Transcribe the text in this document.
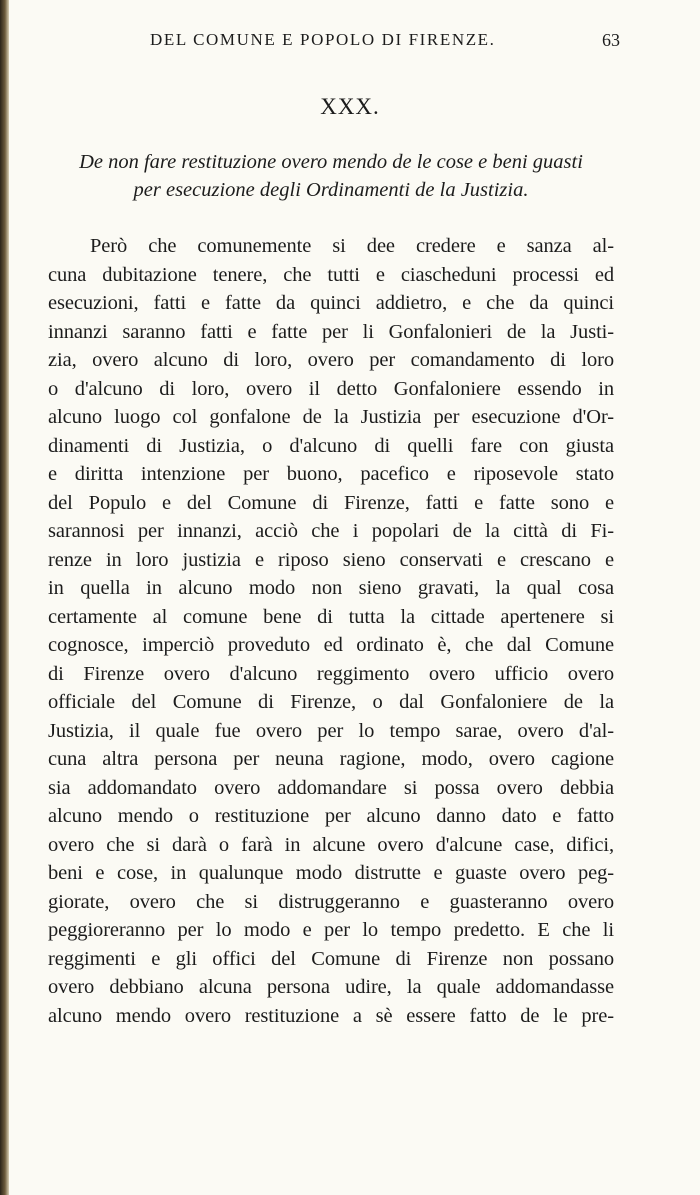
DEL COMUNE E POPOLO DI FIRENZE.	63
XXX.
De non fare restituzione overo mendo de le cose e beni guasti
per esecuzione degli Ordinamenti de la Justizia.
Però che comunemente si dee credere e sanza al-
cuna dubitazione tenere, che tutti e ciascheduni processi ed
esecuzioni, fatti e fatte da quinci addietro, e che da quinci
innanzi saranno fatti e fatte per li Gonfalonieri de la Justi-
zia, overo alcuno di loro, overo per comandamento di loro
o d'alcuno di loro, overo il detto Gonfaloniere essendo in
alcuno luogo col gonfalone de la Justizia per esecuzione d'Or-
dinamenti di Justizia, o d'alcuno di quelli fare con giusta
e diritta intenzione per buono, pacefico e riposevole stato
del Populo e del Comune di Firenze, fatti e fatte sono e
sarannosi per innanzi, acciò che i popolari de la città di Fi-
renze in loro justizia e riposo sieno conservati e crescano e
in quella in alcuno modo non sieno gravati, la qual cosa
certamente al comune bene di tutta la cittade apertenere si
cognosce, imperciò proveduto ed ordinato è, che dal Comune
di Firenze overo d'alcuno reggimento overo ufficio overo
officiale del Comune di Firenze, o dal Gonfaloniere de la
Justizia, il quale fue overo per lo tempo sarae, overo d'al-
cuna altra persona per neuna ragione, modo, overo cagione
sia addomandato overo addomandare si possa overo debbia
alcuno mendo o restituzione per alcuno danno dato e fatto
overo che si darà o farà in alcune overo d'alcune case, difici,
beni e cose, in qualunque modo distrutte e guaste overo peg-
giorate, overo che si distruggeranno e guasteranno overo
peggioreranno per lo modo e per lo tempo predetto. E che li
reggimenti e gli offici del Comune di Firenze non possano
overo debbiano alcuna persona udire, la quale addomandasse
alcuno mendo overo restituzione a sè essere fatto de le pre-
